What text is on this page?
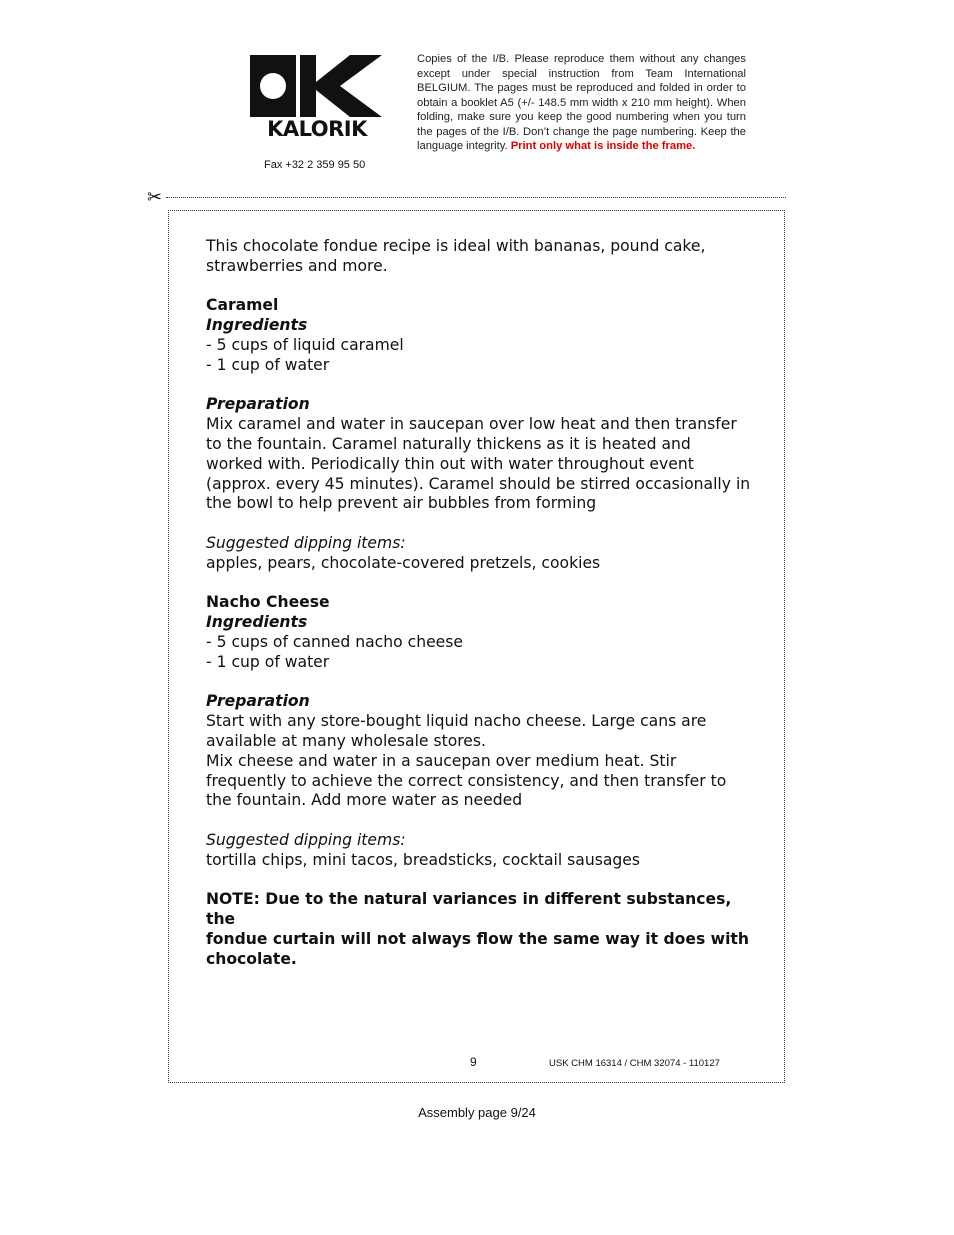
KALORIK
Fax +32 2 359 95 50
Copies of the I/B. Please reproduce them without any changes except under special instruction from Team International BELGIUM. The pages must be reproduced and folded in order to obtain a booklet A5 (+/- 148.5 mm width x 210 mm height). When folding, make sure you keep the good numbering when you turn the pages of the I/B. Don’t change the page numbering. Keep the language integrity. Print only what is inside the frame.
✂

This chocolate fondue recipe is ideal with bananas, pound cake,

strawberries and more.

Caramel

Ingredients

- 5 cups of liquid caramel

- 1 cup of water

Preparation

Mix caramel and water in saucepan over low heat and then transfer

to the fountain. Caramel naturally thickens as it is heated and

worked with. Periodically thin out with water throughout event

(approx. every 45 minutes). Caramel should be stirred occasionally in

the bowl to help prevent air bubbles from forming

Suggested dipping items:

apples, pears, chocolate-covered pretzels, cookies

Nacho Cheese

Ingredients

- 5 cups of canned nacho cheese

- 1 cup of water

Preparation

Start with any store-bought liquid nacho cheese. Large cans are

available at many wholesale stores.

Mix cheese and water in a saucepan over medium heat. Stir

frequently to achieve the correct consistency, and then transfer to

the fountain. Add more water as needed

Suggested dipping items:

tortilla chips, mini tacos, breadsticks, cocktail sausages

NOTE: Due to the natural variances in different substances, the

fondue curtain will not always flow the same way it does with

chocolate.

9	USK CHM 16314 / CHM 32074 - 110127
Assembly page 9/24
